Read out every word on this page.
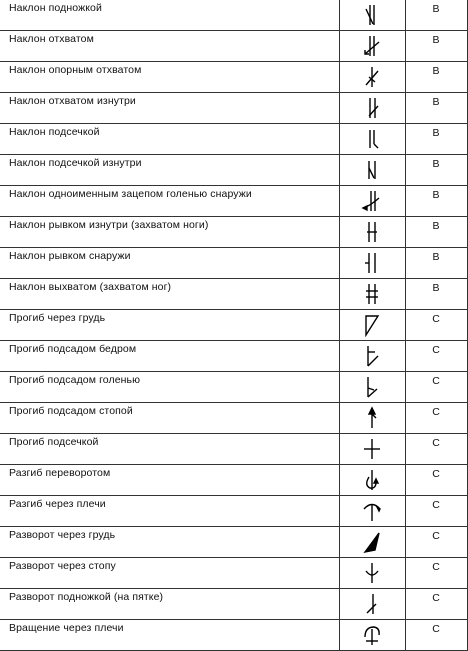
Наклон подножкой		B
Наклон отхватом		B
Наклон опорным отхватом		B
Наклон отхватом изнутри		B
Наклон подсечкой		B
Наклон подсечкой изнутри		B
Наклон одноименным зацепом голенью снаружи		B
Наклон рывком изнутри (захватом ноги)		B
Наклон рывком снаружи		B
Наклон выхватом (захватом ног)		B
Прогиб через грудь		C
Прогиб подсадом бедром		C
Прогиб подсадом голенью		C
Прогиб подсадом стопой		C
Прогиб подсечкой		C
Разгиб переворотом		C
Разгиб через плечи		C
Разворот через грудь		C
Разворот через стопу		C
Разворот подножкой (на пятке)		C
Вращение через плечи		C
